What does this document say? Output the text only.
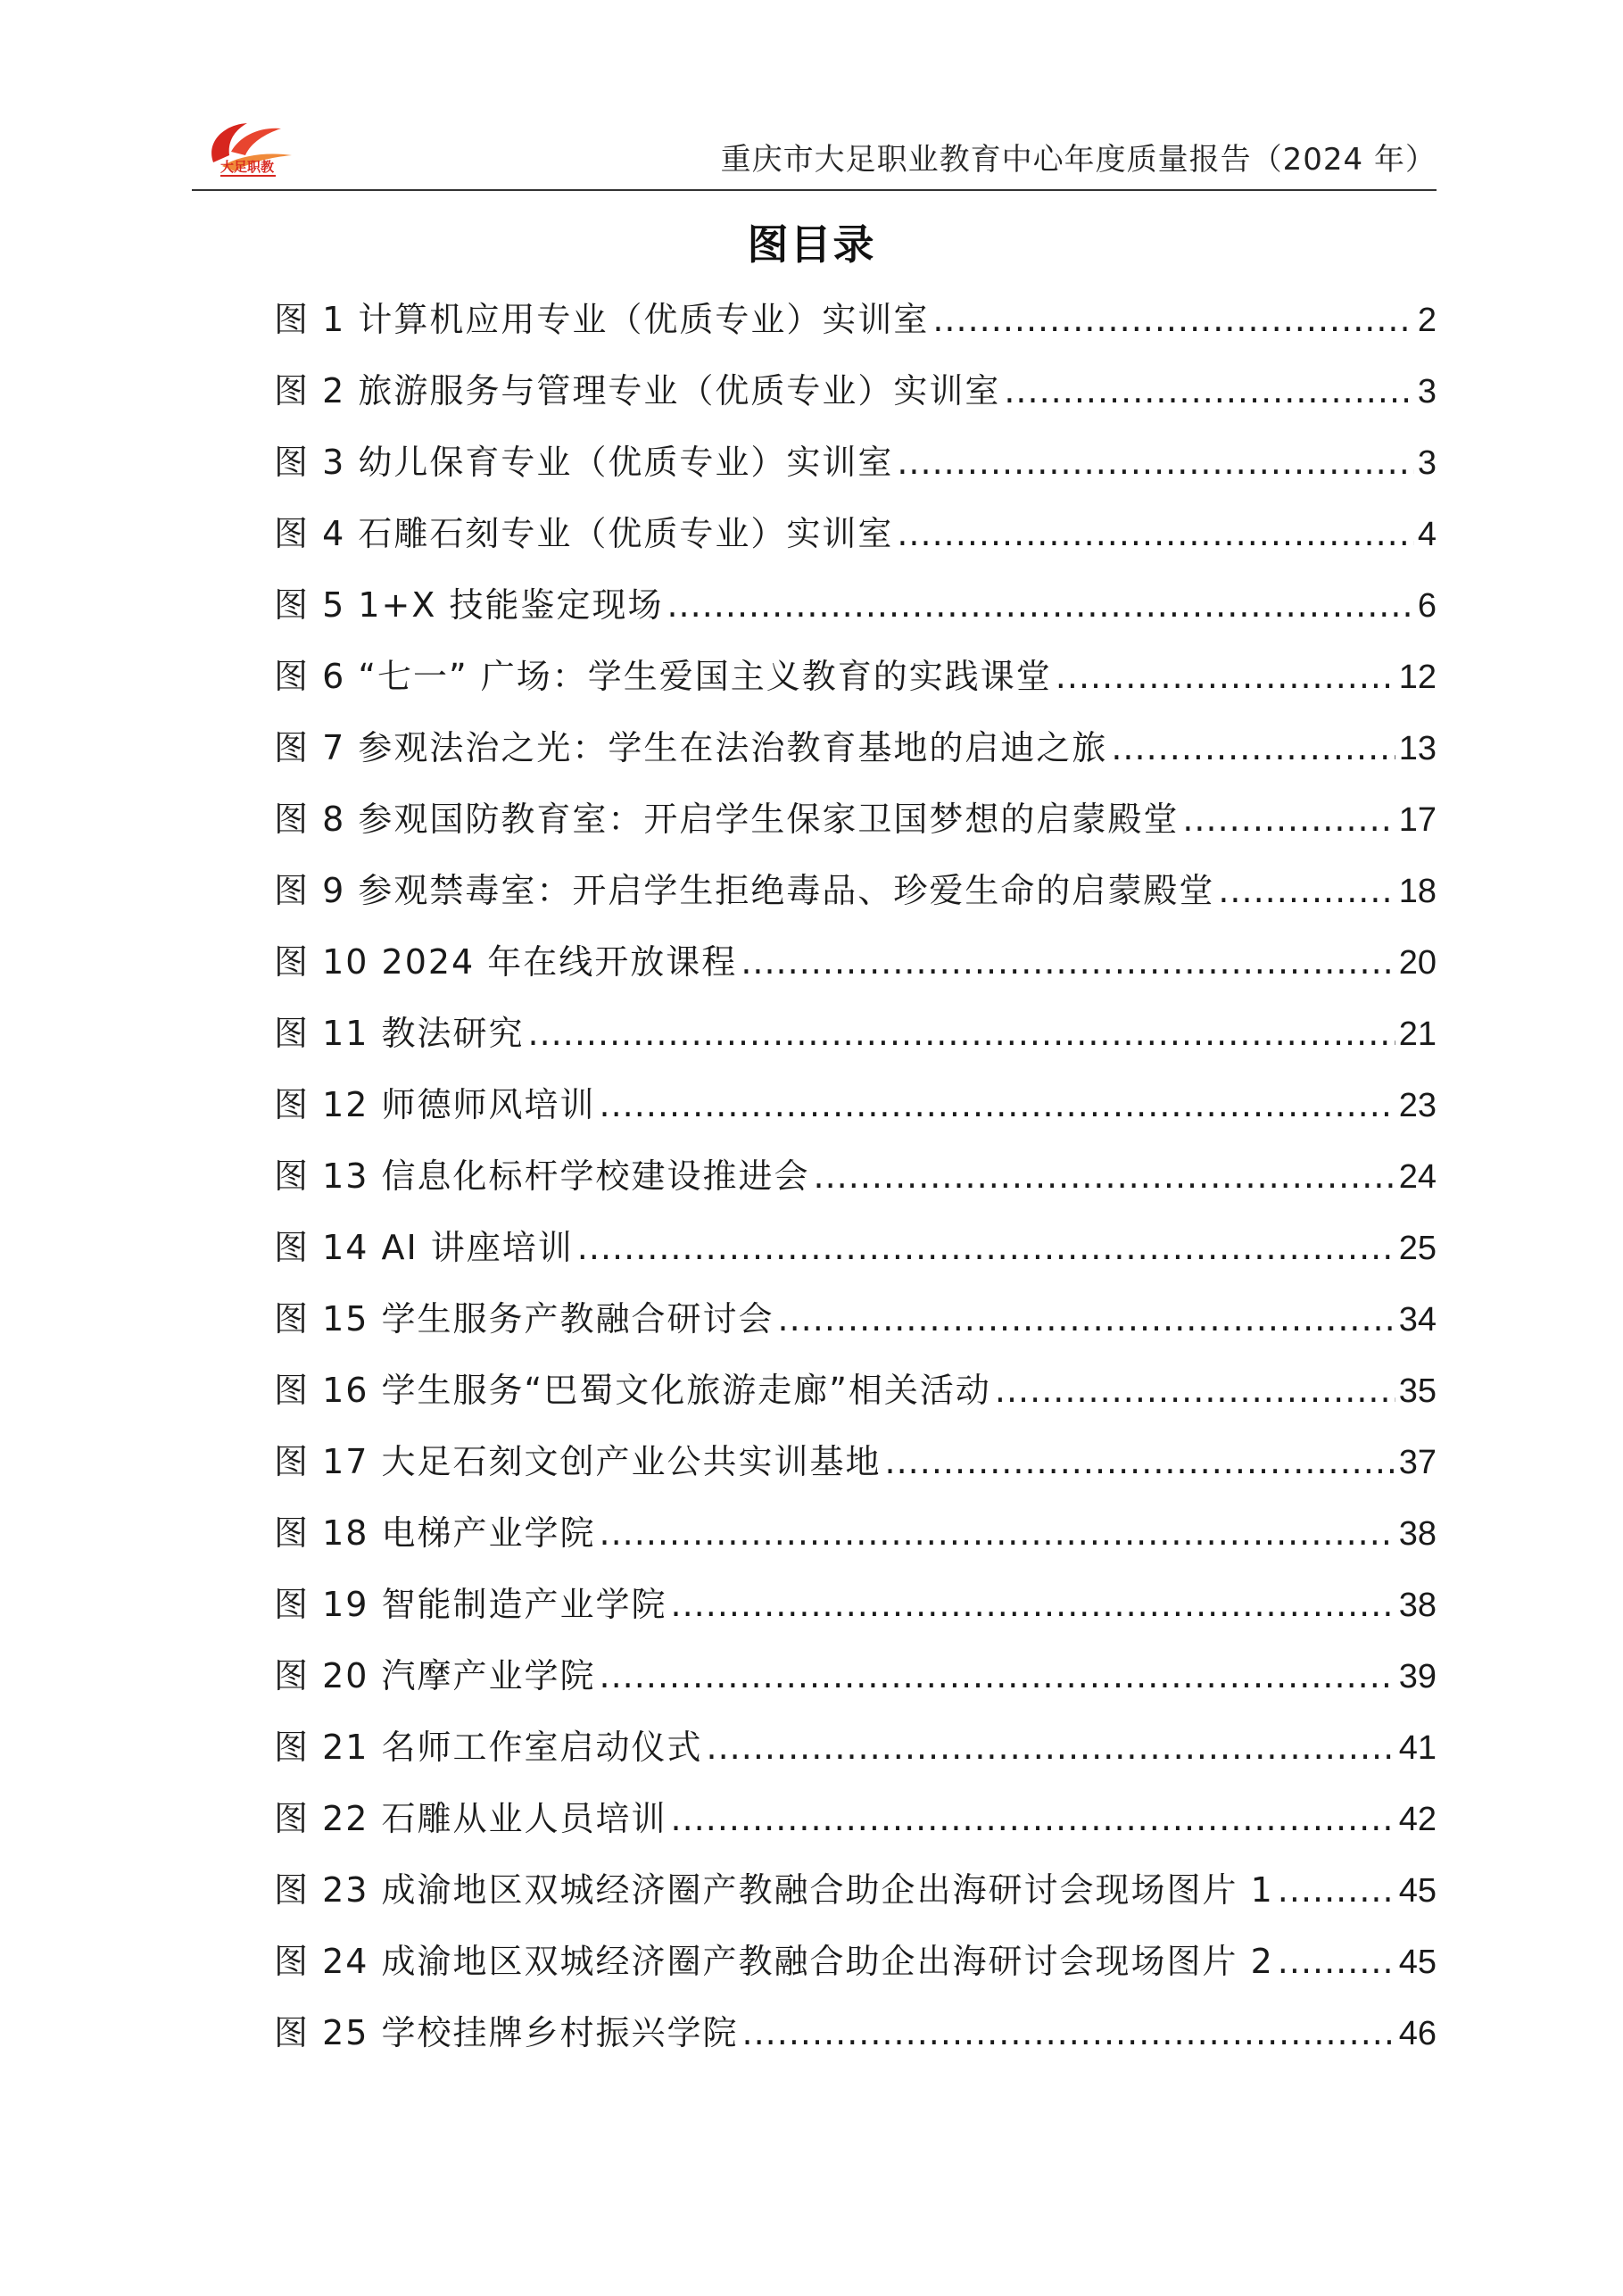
大足职教	重庆市大足职业教育中心年度质量报告（2024 年）
图目录
图 1 计算机应用专业（优质专业）实训室 .....	2
图 2 旅游服务与管理专业（优质专业）实训室 .....	3
图 3 幼儿保育专业（优质专业）实训室 .....	3
图 4 石雕石刻专业（优质专业）实训室 .....	4
图 5 1+X 技能鉴定现场 .....	6
图 6 “七一” 广场：学生爱国主义教育的实践课堂 .....	12
图 7 参观法治之光：学生在法治教育基地的启迪之旅 .....	13
图 8 参观国防教育室：开启学生保家卫国梦想的启蒙殿堂 .....	17
图 9 参观禁毒室：开启学生拒绝毒品、珍爱生命的启蒙殿堂 .....	18
图 10 2024 年在线开放课程 .....	20
图 11 教法研究 .....	21
图 12 师德师风培训 .....	23
图 13 信息化标杆学校建设推进会 .....	24
图 14 AI 讲座培训 .....	25
图 15 学生服务产教融合研讨会 .....	34
图 16 学生服务“巴蜀文化旅游走廊”相关活动 .....	35
图 17 大足石刻文创产业公共实训基地 .....	37
图 18 电梯产业学院 .....	38
图 19 智能制造产业学院 .....	38
图 20 汽摩产业学院 .....	39
图 21 名师工作室启动仪式 .....	41
图 22 石雕从业人员培训 .....	42
图 23 成渝地区双城经济圈产教融合助企出海研讨会现场图片 1 .....	45
图 24 成渝地区双城经济圈产教融合助企出海研讨会现场图片 2 .....	45
图 25 学校挂牌乡村振兴学院 .....	46
